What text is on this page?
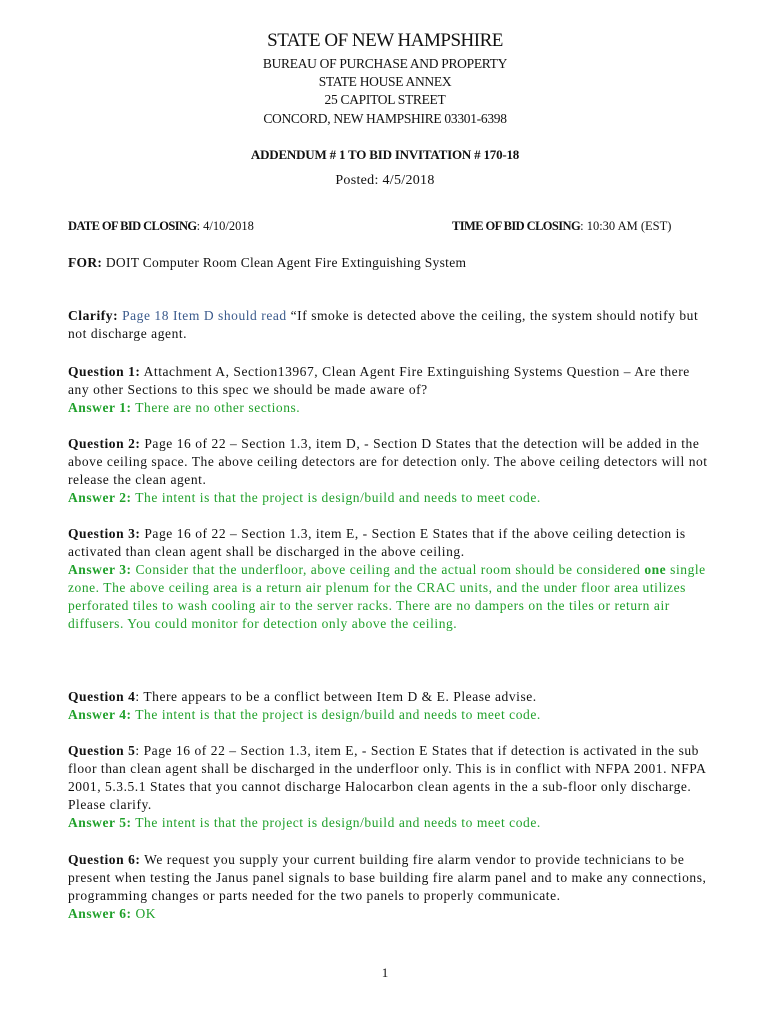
STATE OF NEW HAMPSHIRE
BUREAU OF PURCHASE AND PROPERTY
STATE HOUSE ANNEX
25 CAPITOL STREET
CONCORD, NEW HAMPSHIRE 03301-6398
ADDENDUM # 1 TO BID INVITATION # 170-18
Posted: 4/5/2018
DATE OF BID CLOSING: 4/10/2018	TIME OF BID CLOSING: 10:30 AM (EST)
FOR: DOIT Computer Room Clean Agent Fire Extinguishing System
Clarify: Page 18 Item D should read “If smoke is detected above the ceiling, the system should notify but not discharge agent.
Question 1: Attachment A, Section13967, Clean Agent Fire Extinguishing Systems Question – Are there any other Sections to this spec we should be made aware of?
Answer 1: There are no other sections.
Question 2: Page 16 of 22 – Section 1.3, item D, - Section D States that the detection will be added in the above ceiling space. The above ceiling detectors are for detection only. The above ceiling detectors will not release the clean agent.
Answer 2: The intent is that the project is design/build and needs to meet code.
Question 3: Page 16 of 22 – Section 1.3, item E, - Section E States that if the above ceiling detection is activated than clean agent shall be discharged in the above ceiling.
Answer 3: Consider that the underfloor, above ceiling and the actual room should be considered one single zone. The above ceiling area is a return air plenum for the CRAC units, and the under floor area utilizes perforated tiles to wash cooling air to the server racks. There are no dampers on the tiles or return air diffusers. You could monitor for detection only above the ceiling.
Question 4: There appears to be a conflict between Item D & E. Please advise.
Answer 4: The intent is that the project is design/build and needs to meet code.
Question 5: Page 16 of 22 – Section 1.3, item E, - Section E States that if detection is activated in the sub floor than clean agent shall be discharged in the underfloor only. This is in conflict with NFPA 2001. NFPA 2001, 5.3.5.1 States that you cannot discharge Halocarbon clean agents in the a sub-floor only discharge. Please clarify.
Answer 5: The intent is that the project is design/build and needs to meet code.
Question 6: We request you supply your current building fire alarm vendor to provide technicians to be present when testing the Janus panel signals to base building fire alarm panel and to make any connections, programming changes or parts needed for the two panels to properly communicate.
Answer 6: OK
1
